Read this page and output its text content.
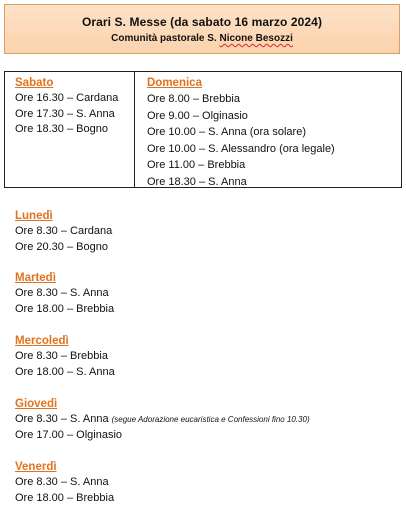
Orari S. Messe (da sabato 16 marzo 2024)
Comunità pastorale S. Nicone Besozzi
Sabato
Ore 16.30 – Cardana
Ore 17.30 – S. Anna
Ore 18.30 – Bogno
Domenica
Ore 8.00 – Brebbia
Ore 9.00 – Olginasio
Ore 10.00 – S. Anna (ora solare)
Ore 10.00 – S. Alessandro (ora legale)
Ore 11.00 – Brebbia
Ore 18.30 – S. Anna
Lunedì
Ore 8.30 – Cardana
Ore 20.30 – Bogno
Martedì
Ore 8.30 – S. Anna
Ore 18.00 – Brebbia
Mercoledì
Ore 8.30 – Brebbia
Ore 18.00 – S. Anna
Giovedì
Ore 8.30 – S. Anna (segue Adorazione eucaristica e Confessioni fino 10.30)
Ore 17.00 – Olginasio
Venerdì
Ore 8.30 – S. Anna
Ore 18.00 – Brebbia
